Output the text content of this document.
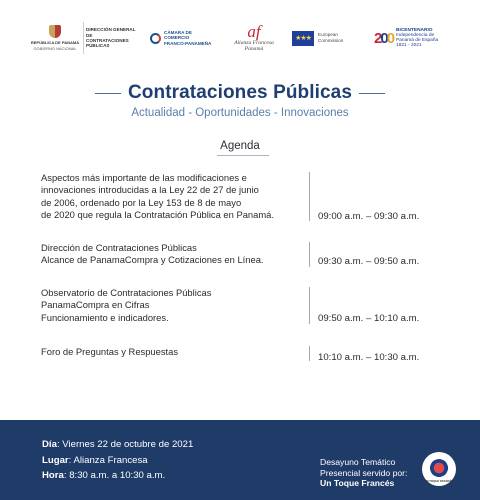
REPÚBLICA DE PANAMÁ
GOBIERNO NACIONAL
DIRECCIÓN GENERAL DE
CONTRATACIONES PÚBLICAS
CÁMARA DE
COMERCIO
FRANCO-PANAMEÑA
af
Alianza Francesa
Panamá
★★★
European
Commission 200 BICENTENARIO
Independencia de
Panamá de España
1821 - 2021
Contrataciones Públicas
Actualidad - Oportunidades - Innovaciones
Agenda
Aspectos más importante de las modificaciones e
innovaciones introducidas a la Ley 22 de 27 de junio
de 2006, ordenado por la Ley 153 de 8 de mayo
de 2020 que regula la Contratación Pública en Panamá.	09:00 a.m. – 09:30 a.m.
Dirección de Contrataciones Públicas
Alcance de PanamaCompra y Cotizaciones en Línea.	09:30 a.m. – 09:50 a.m.
Observatorio de Contrataciones Públicas
PanamaCompra en Cifras
Funcionamiento e indicadores.	09:50 a.m. – 10:10 a.m.
Foro de Preguntas y Respuestas
10:10 a.m. – 10:30 a.m.
Día: Viernes 22 de octubre de 2021
Lugar: Alianza Francesa
Hora: 8:30 a.m. a 10:30 a.m.
Desayuno Temático
Presencial servido por:
Un Toque Francés	UN TOQUE FRANCÉS
